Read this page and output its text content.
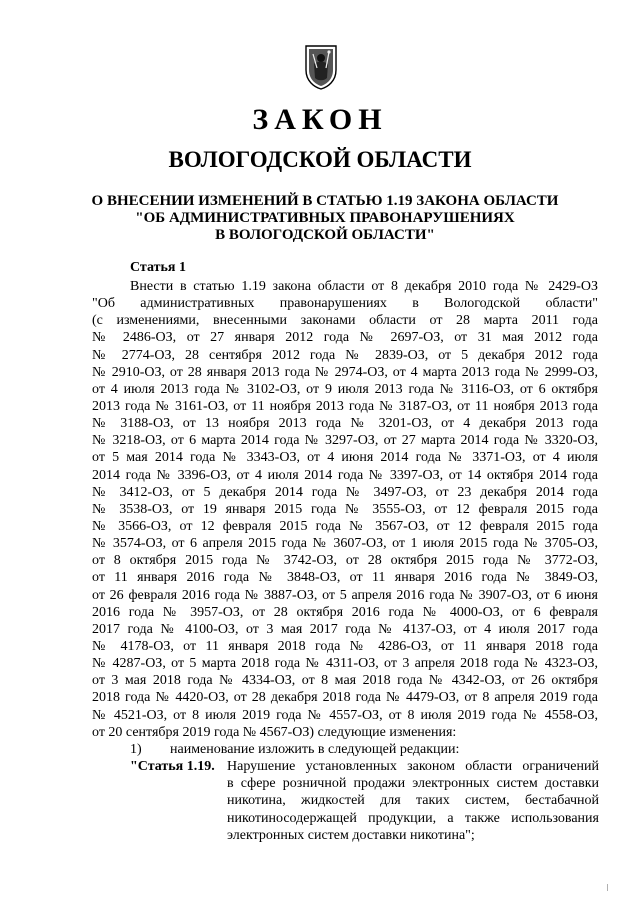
ЗАКОН
ВОЛОГОДСКОЙ ОБЛАСТИ
О ВНЕСЕНИИ ИЗМЕНЕНИЙ В СТАТЬЮ 1.19 ЗАКОНА ОБЛАСТИ
"ОБ АДМИНИСТРАТИВНЫХ ПРАВОНАРУШЕНИЯХ
В ВОЛОГОДСКОЙ ОБЛАСТИ"
Статья 1
Внести в статью 1.19 закона области от 8 декабря 2010 года № 2429-ОЗ
"Об административных правонарушениях в Вологодской области"
(с изменениями, внесенными законами области от 28 марта 2011 года
№ 2486-ОЗ, от 27 января 2012 года № 2697-ОЗ, от 31 мая 2012 года
№ 2774-ОЗ, 28 сентября 2012 года № 2839-ОЗ, от 5 декабря 2012 года
№ 2910-ОЗ, от 28 января 2013 года № 2974-ОЗ, от 4 марта 2013 года № 2999-ОЗ,
от 4 июля 2013 года № 3102-ОЗ, от 9 июля 2013 года № 3116-ОЗ, от 6 октября
2013 года № 3161-ОЗ, от 11 ноября 2013 года № 3187-ОЗ, от 11 ноября 2013 года
№ 3188-ОЗ, от 13 ноября 2013 года № 3201-ОЗ, от 4 декабря 2013 года
№ 3218-ОЗ, от 6 марта 2014 года № 3297-ОЗ, от 27 марта 2014 года № 3320-ОЗ,
от 5 мая 2014 года № 3343-ОЗ, от 4 июня 2014 года № 3371-ОЗ, от 4 июля
2014 года № 3396-ОЗ, от 4 июля 2014 года № 3397-ОЗ, от 14 октября 2014 года
№ 3412-ОЗ, от 5 декабря 2014 года № 3497-ОЗ, от 23 декабря 2014 года
№ 3538-ОЗ, от 19 января 2015 года № 3555-ОЗ, от 12 февраля 2015 года
№ 3566-ОЗ, от 12 февраля 2015 года № 3567-ОЗ, от 12 февраля 2015 года
№ 3574-ОЗ, от 6 апреля 2015 года № 3607-ОЗ, от 1 июля 2015 года № 3705-ОЗ,
от 8 октября 2015 года № 3742-ОЗ, от 28 октября 2015 года № 3772-ОЗ,
от 11 января 2016 года № 3848-ОЗ, от 11 января 2016 года № 3849-ОЗ,
от 26 февраля 2016 года № 3887-ОЗ, от 5 апреля 2016 года № 3907-ОЗ, от 6 июня
2016 года № 3957-ОЗ, от 28 октября 2016 года № 4000-ОЗ, от 6 февраля
2017 года № 4100-ОЗ, от 3 мая 2017 года № 4137-ОЗ, от 4 июля 2017 года
№ 4178-ОЗ, от 11 января 2018 года № 4286-ОЗ, от 11 января 2018 года
№ 4287-ОЗ, от 5 марта 2018 года № 4311-ОЗ, от 3 апреля 2018 года № 4323-ОЗ,
от 3 мая 2018 года № 4334-ОЗ, от 8 мая 2018 года № 4342-ОЗ, от 26 октября
2018 года № 4420-ОЗ, от 28 декабря 2018 года № 4479-ОЗ, от 8 апреля 2019 года
№ 4521-ОЗ, от 8 июля 2019 года № 4557-ОЗ, от 8 июля 2019 года № 4558-ОЗ,
от 20 сентября 2019 года № 4567-ОЗ) следующие изменения:
1) наименование изложить в следующей редакции:
"Статья 1.19. Нарушение установленных законом области ограничений
в сфере розничной продажи электронных систем доставки
никотина, жидкостей для таких систем, бестабачной
никотиносодержащей продукции, а также использования
электронных систем доставки никотина";
